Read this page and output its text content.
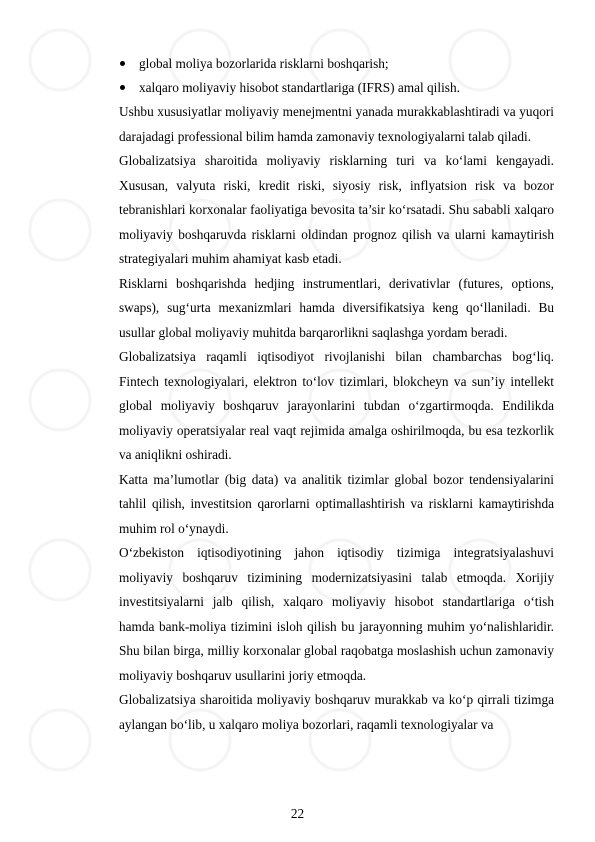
global moliya bozorlarida risklarni boshqarish;
xalqaro moliyaviy hisobot standartlariga (IFRS) amal qilish.

Ushbu xususiyatlar moliyaviy menejmentni yanada murakkablashtiradi va yuqori darajadagi professional bilim hamda zamonaviy texnologiyalarni talab qiladi.

Globalizatsiya sharoitida moliyaviy risklarning turi va ko‘lami kengayadi. Xususan, valyuta riski, kredit riski, siyosiy risk, inflyatsion risk va bozor tebranishlari korxonalar faoliyatiga bevosita ta’sir ko‘rsatadi. Shu sababli xalqaro moliyaviy boshqaruvda risklarni oldindan prognoz qilish va ularni kamaytirish strategiyalari muhim ahamiyat kasb etadi.

Risklarni boshqarishda hedjing instrumentlari, derivativlar (futures, options, swaps), sug‘urta mexanizmlari hamda diversifikatsiya keng qo‘llaniladi. Bu usullar global moliyaviy muhitda barqarorlikni saqlashga yordam beradi.

Globalizatsiya raqamli iqtisodiyot rivojlanishi bilan chambarchas bog‘liq. Fintech texnologiyalari, elektron to‘lov tizimlari, blokcheyn va sun’iy intellekt global moliyaviy boshqaruv jarayonlarini tubdan o‘zgartirmoqda. Endilikda moliyaviy operatsiyalar real vaqt rejimida amalga oshirilmoqda, bu esa tezkorlik va aniqlikni oshiradi.

Katta ma’lumotlar (big data) va analitik tizimlar global bozor tendensiyalarini tahlil qilish, investitsion qarorlarni optimallashtirish va risklarni kamaytirishda muhim rol o‘ynaydi.

O‘zbekiston iqtisodiyotining jahon iqtisodiy tizimiga integratsiyalashuvi moliyaviy boshqaruv tizimining modernizatsiyasini talab etmoqda. Xorijiy investitsiyalarni jalb qilish, xalqaro moliyaviy hisobot standartlariga o‘tish hamda bank-moliya tizimini isloh qilish bu jarayonning muhim yo‘nalishlaridir. Shu bilan birga, milliy korxonalar global raqobatga moslashish uchun zamonaviy moliyaviy boshqaruv usullarini joriy etmoqda.

Globalizatsiya sharoitida moliyaviy boshqaruv murakkab va ko‘p qirrali tizimga aylangan bo‘lib, u xalqaro moliya bozorlari, raqamli texnologiyalar va

22
